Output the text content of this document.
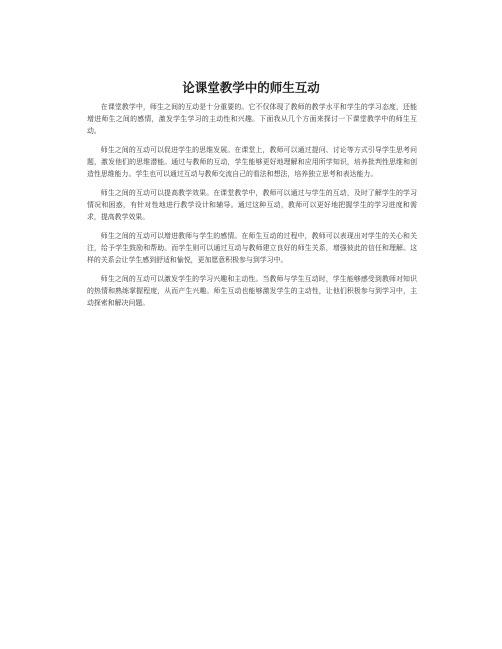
论课堂教学中的师生互动

在课堂教学中，师生之间的互动是十分重要的。它不仅体现了教师的教学水平和学生的学习态度，还能增进师生之间的感情，激发学生学习的主动性和兴趣。下面我从几个方面来探讨一下课堂教学中的师生互动。

师生之间的互动可以促进学生的思维发展。在课堂上，教师可以通过提问、讨论等方式引导学生思考问题，激发他们的思维潜能。通过与教师的互动，学生能够更好地理解和应用所学知识，培养批判性思维和创造性思维能力。学生也可以通过互动与教师交流自己的看法和想法，培养独立思考和表达能力。

师生之间的互动可以提高教学效果。在课堂教学中，教师可以通过与学生的互动，及时了解学生的学习情况和困惑，有针对性地进行教学设计和辅导。通过这种互动，教师可以更好地把握学生的学习进度和需求，提高教学效果。

师生之间的互动可以增进教师与学生的感情。在师生互动的过程中，教师可以表现出对学生的关心和关注，给予学生鼓励和帮助。而学生则可以通过互动与教师建立良好的师生关系，增强彼此的信任和理解。这样的关系会让学生感到舒适和愉悦，更加愿意积极参与到学习中。

师生之间的互动可以激发学生的学习兴趣和主动性。当教师与学生互动时，学生能够感受到教师对知识的热情和熟练掌握程度，从而产生兴趣。师生互动也能够激发学生的主动性，让他们积极参与到学习中，主动探索和解决问题。
